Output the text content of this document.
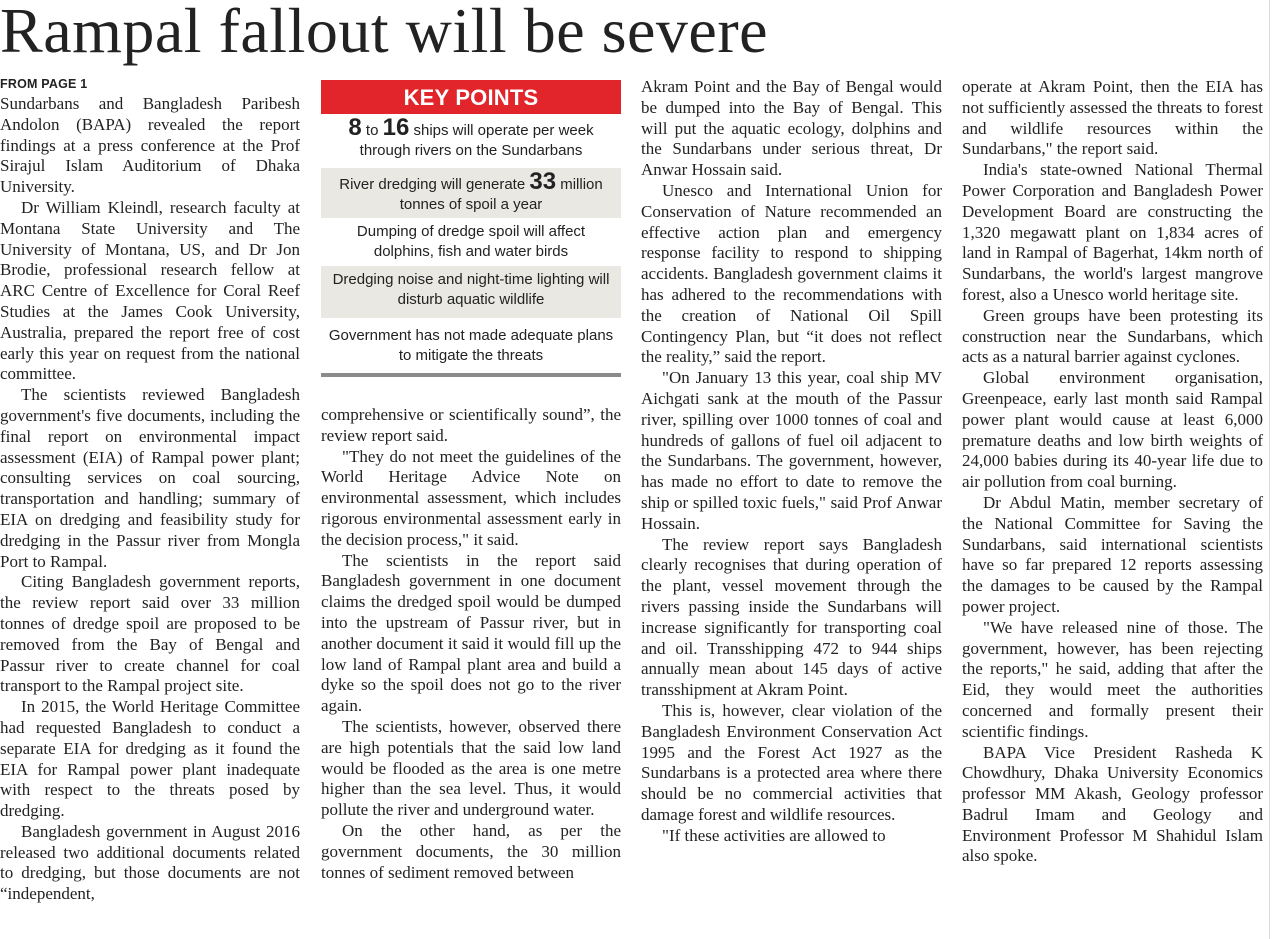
Rampal fallout will be severe
FROM PAGE 1

Sundarbans and Bangladesh Paribesh Andolon (BAPA) revealed the report findings at a press conference at the Prof Sirajul Islam Auditorium of Dhaka University.

Dr William Kleindl, research faculty at Montana State University and The University of Montana, US, and Dr Jon Brodie, professional research fellow at ARC Centre of Excellence for Coral Reef Studies at the James Cook University, Australia, prepared the report free of cost early this year on request from the national committee.

The scientists reviewed Bangladesh government's five documents, including the final report on environmental impact assessment (EIA) of Rampal power plant; consulting services on coal sourcing, transportation and handling; summary of EIA on dredging and feasibility study for dredging in the Passur river from Mongla Port to Rampal.

Citing Bangladesh government reports, the review report said over 33 million tonnes of dredge spoil are proposed to be removed from the Bay of Bengal and Passur river to create channel for coal transport to the Rampal project site.

In 2015, the World Heritage Committee had requested Bangladesh to conduct a separate EIA for dredging as it found the EIA for Rampal power plant inadequate with respect to the threats posed by dredging.

Bangladesh government in August 2016 released two additional documents related to dredging, but those documents are not “independent,

KEY POINTS
8 to 16 ships will operate per week through rivers on the Sundarbans
River dredging will generate 33 million tonnes of spoil a year
Dumping of dredge spoil will affect dolphins, fish and water birds
Dredging noise and night-time lighting will disturb aquatic wildlife
Government has not made adequate plans to mitigate the threats

comprehensive or scientifically sound”, the review report said.

"They do not meet the guidelines of the World Heritage Advice Note on environmental assessment, which includes rigorous environmental assessment early in the decision process," it said.

The scientists in the report said Bangladesh government in one document claims the dredged spoil would be dumped into the upstream of Passur river, but in another document it said it would fill up the low land of Rampal plant area and build a dyke so the spoil does not go to the river again.

The scientists, however, observed there are high potentials that the said low land would be flooded as the area is one metre higher than the sea level. Thus, it would pollute the river and underground water.

On the other hand, as per the government documents, the 30 million tonnes of sediment removed between

Akram Point and the Bay of Bengal would be dumped into the Bay of Bengal. This will put the aquatic ecology, dolphins and the Sundarbans under serious threat, Dr Anwar Hossain said.

Unesco and International Union for Conservation of Nature recommended an effective action plan and emergency response facility to respond to shipping accidents. Bangladesh government claims it has adhered to the recommendations with the creation of National Oil Spill Contingency Plan, but “it does not reflect the reality,” said the report.

"On January 13 this year, coal ship MV Aichgati sank at the mouth of the Passur river, spilling over 1000 tonnes of coal and hundreds of gallons of fuel oil adjacent to the Sundarbans. The government, however, has made no effort to date to remove the ship or spilled toxic fuels," said Prof Anwar Hossain.

The review report says Bangladesh clearly recognises that during operation of the plant, vessel movement through the rivers passing inside the Sundarbans will increase significantly for transporting coal and oil. Transshipping 472 to 944 ships annually mean about 145 days of active transshipment at Akram Point.

This is, however, clear violation of the Bangladesh Environment Conservation Act 1995 and the Forest Act 1927 as the Sundarbans is a protected area where there should be no commercial activities that damage forest and wildlife resources.

"If these activities are allowed to

operate at Akram Point, then the EIA has not sufficiently assessed the threats to forest and wildlife resources within the Sundarbans," the report said.

India's state-owned National Thermal Power Corporation and Bangladesh Power Development Board are constructing the 1,320 megawatt plant on 1,834 acres of land in Rampal of Bagerhat, 14km north of Sundarbans, the world's largest mangrove forest, also a Unesco world heritage site.

Green groups have been protesting its construction near the Sundarbans, which acts as a natural barrier against cyclones.

Global environment organisation, Greenpeace, early last month said Rampal power plant would cause at least 6,000 premature deaths and low birth weights of 24,000 babies during its 40-year life due to air pollution from coal burning.

Dr Abdul Matin, member secretary of the National Committee for Saving the Sundarbans, said international scientists have so far prepared 12 reports assessing the damages to be caused by the Rampal power project.

"We have released nine of those. The government, however, has been rejecting the reports," he said, adding that after the Eid, they would meet the authorities concerned and formally present their scientific findings.

BAPA Vice President Rasheda K Chowdhury, Dhaka University Economics professor MM Akash, Geology professor Badrul Imam and Geology and Environment Professor M Shahidul Islam also spoke.
